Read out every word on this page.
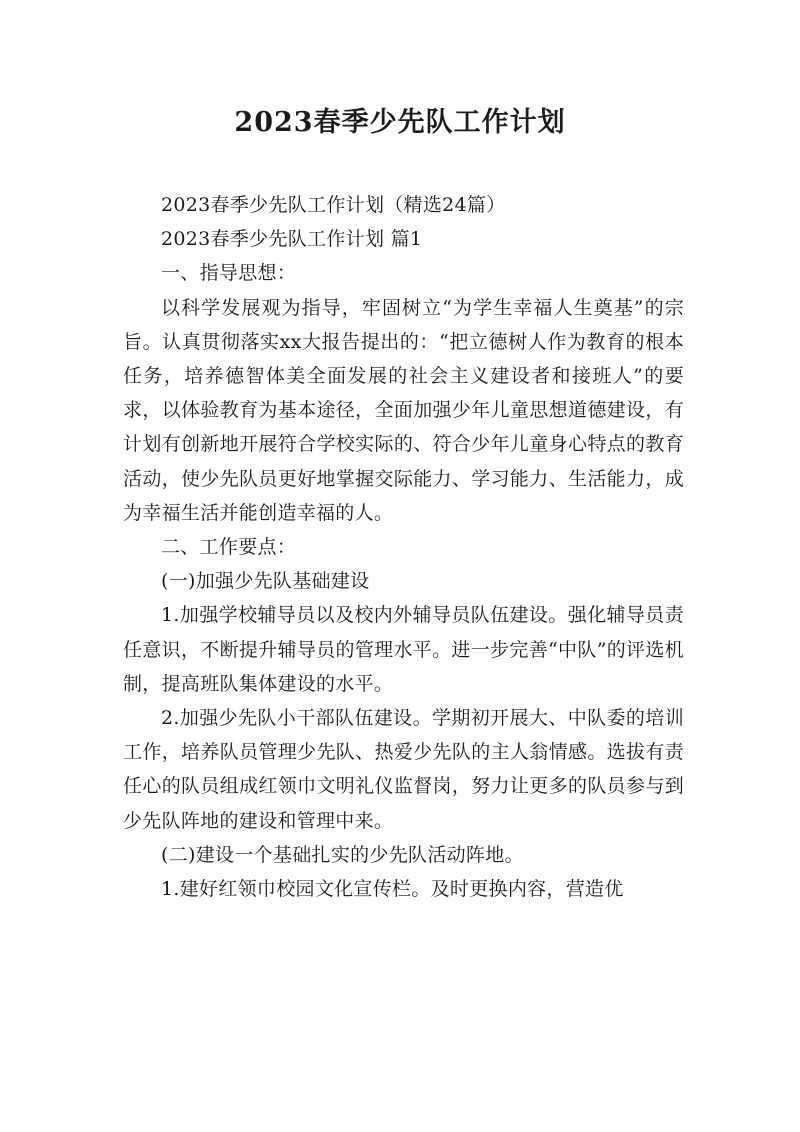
2023春季少先队工作计划

2023春季少先队工作计划（精选24篇）

2023春季少先队工作计划 篇1

一、指导思想：

以科学发展观为指导，牢固树立“为学生幸福人生奠基”的宗旨。认真贯彻落实xx大报告提出的：“把立德树人作为教育的根本任务，培养德智体美全面发展的社会主义建设者和接班人”的要求，以体验教育为基本途径，全面加强少年儿童思想道德建设，有计划有创新地开展符合学校实际的、符合少年儿童身心特点的教育活动，使少先队员更好地掌握交际能力、学习能力、生活能力，成为幸福生活并能创造幸福的人。

二、工作要点：

(一)加强少先队基础建设

1.加强学校辅导员以及校内外辅导员队伍建设。强化辅导员责任意识，不断提升辅导员的管理水平。进一步完善“中队”的评选机制，提高班队集体建设的水平。

2.加强少先队小干部队伍建设。学期初开展大、中队委的培训工作，培养队员管理少先队、热爱少先队的主人翁情感。选拔有责任心的队员组成红领巾文明礼仪监督岗，努力让更多的队员参与到少先队阵地的建设和管理中来。

(二)建设一个基础扎实的少先队活动阵地。

1.建好红领巾校园文化宣传栏。及时更换内容，营造优
